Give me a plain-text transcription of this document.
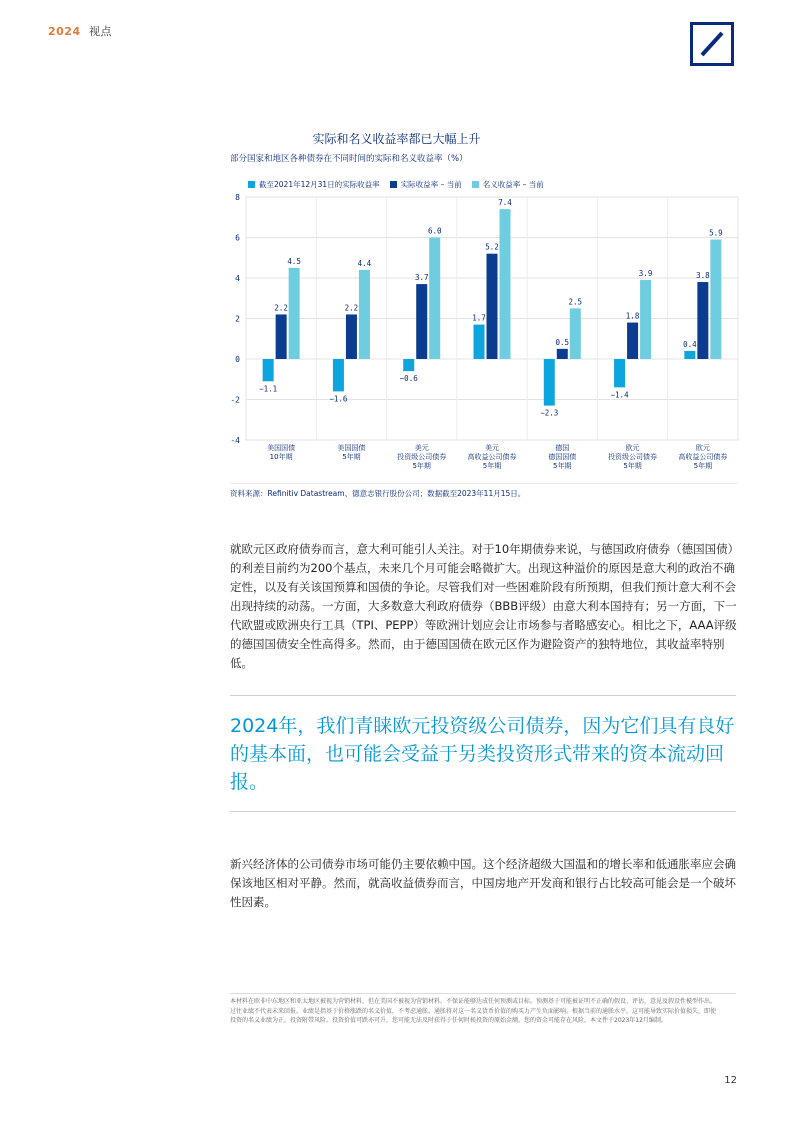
2024 视点
实际和名义收益率都已大幅上升
部分国家和地区各种债券在不同时间的实际和名义收益率（%）
截至2021年12月31日的实际收益率	实际收益率 – 当前	名义收益率 – 当前
8
6
4
2
0
-2
-4
−1.1
2.2
4.5
美国国债
10年期
−1.6
2.2
4.4
美国国债
5年期
−0.6
3.7
6.0
美元
投资级公司债券
5年期
1.7
5.2
7.4
美元
高收益公司债券
5年期
−2.3
0.5
2.5
德国
德国国债
5年期
−1.4
1.8
3.9
欧元
投资级公司债券
5年期
0.4
3.8
5.9
欧元
高收益公司债券
5年期
资料来源：Refinitiv Datastream、德意志银行股份公司；数据截至2023年11月15日。
就欧元区政府债券而言，意大利可能引人关注。对于10年期债券来说，与德国政府债券（德国国债）的利差目前约为200个基点，未来几个月可能会略微扩大。出现这种溢价的原因是意大利的政治不确定性，以及有关该国预算和国债的争论。尽管我们对一些困难阶段有所预期，但我们预计意大利不会出现持续的动荡。一方面，大多数意大利政府债券（BBB评级）由意大利本国持有；另一方面，下一代欧盟或欧洲央行工具（TPI、PEPP）等欧洲计划应会让市场参与者略感安心。相比之下，AAA评级的德国国债安全性高得多。然而，由于德国国债在欧元区作为避险资产的独特地位，其收益率特别低。
2024年，我们青睐欧元投资级公司债券，因为它们具有良好的基本面，也可能会受益于另类投资形式带来的资本流动回报。
新兴经济体的公司债券市场可能仍主要依赖中国。这个经济超级大国温和的增长率和低通胀率应会确保该地区相对平静。然而，就高收益债券而言，中国房地产开发商和银行占比较高可能会是一个破坏性因素。
本材料在欧非中东地区和亚太地区被视为营销材料，但在美国不被视为营销材料。不保证能够达成任何预测或目标。预测基于可能被证明不正确的假设、评估、意见及假设性模型作出。过往业绩不代表未来回报。业绩是指基于价格涨跌的名义价值，不考虑通胀。通胀将对这一名义货币价值的购买力产生负面影响。根据当前的通胀水平，这可能导致实际价值损失，即使投资的名义业绩为正。投资附带风险。投资价值可跌亦可升，您可能无法及时获得于任何时候投资的原始金额。您的资金可能存在风险。本文件于2023年12月编制。
12
